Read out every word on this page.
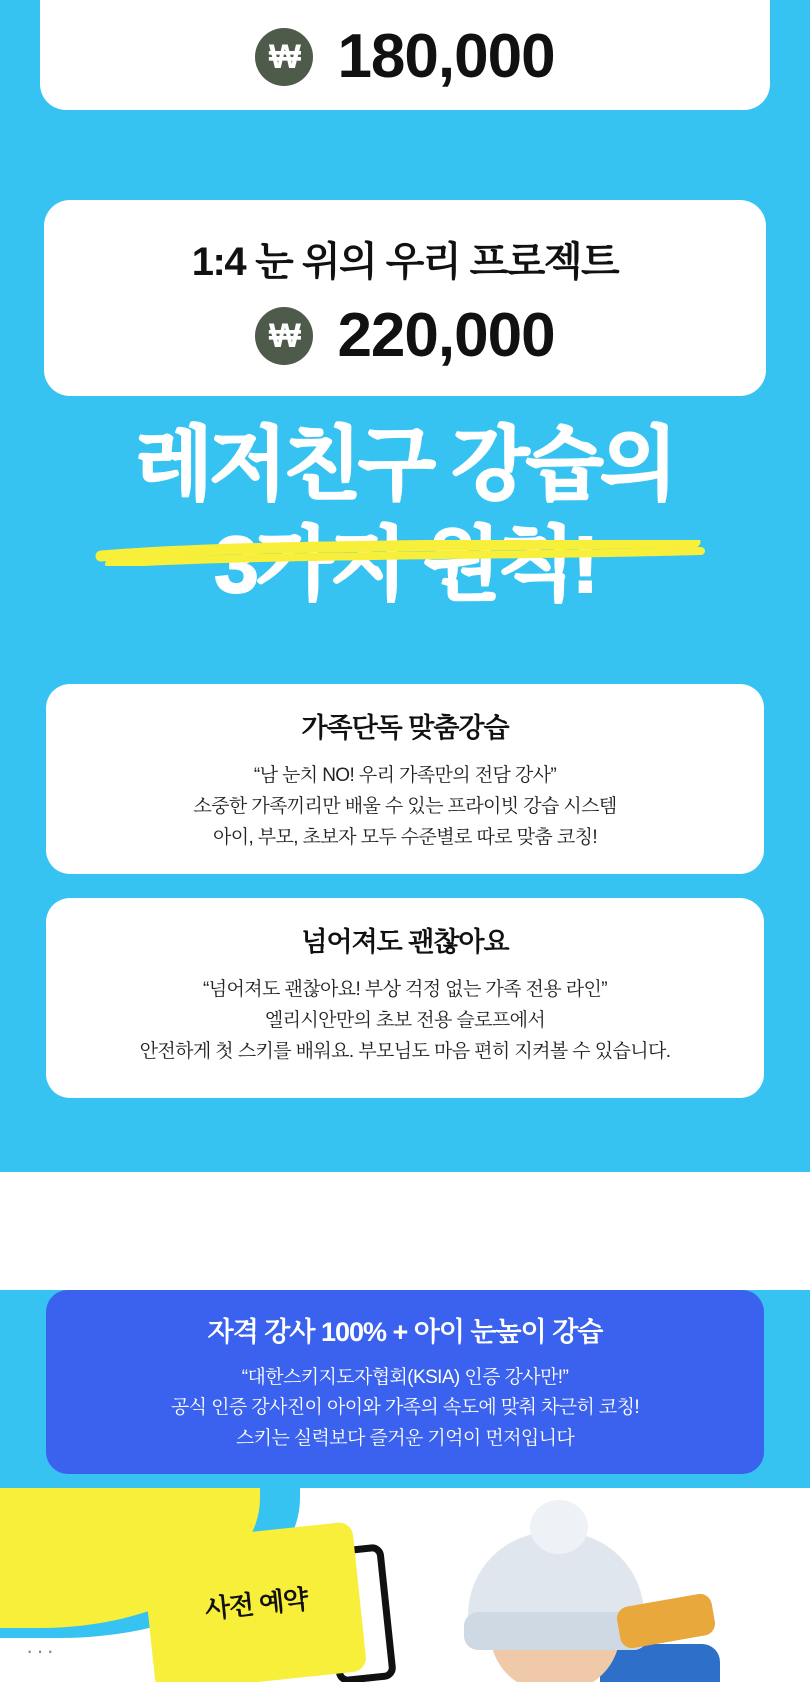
₩ 180,000
1:4 눈 위의 우리 프로젝트
₩ 220,000
레저친구 강습의
3가지 원칙!
가족단독 맞춤강습
“남 눈치 NO! 우리 가족만의 전담 강사”
소중한 가족끼리만 배울 수 있는 프라이빗 강습 시스템
아이, 부모, 초보자 모두 수준별로 따로 맞춤 코칭!
넘어져도 괜찮아요
“넘어져도 괜찮아요! 부상 걱정 없는 가족 전용 라인”
엘리시안만의 초보 전용 슬로프에서
안전하게 첫 스키를 배워요. 부모님도 마음 편히 지켜볼 수 있습니다.
자격 강사 100% + 아이 눈높이 강습
“대한스키지도자협회(KSIA) 인증 강사만!”
공식 인증 강사진이 아이와 가족의 속도에 맞춰 차근히 코칭!
스키는 실력보다 즐거운 기억이 먼저입니다
사전 예약
···
